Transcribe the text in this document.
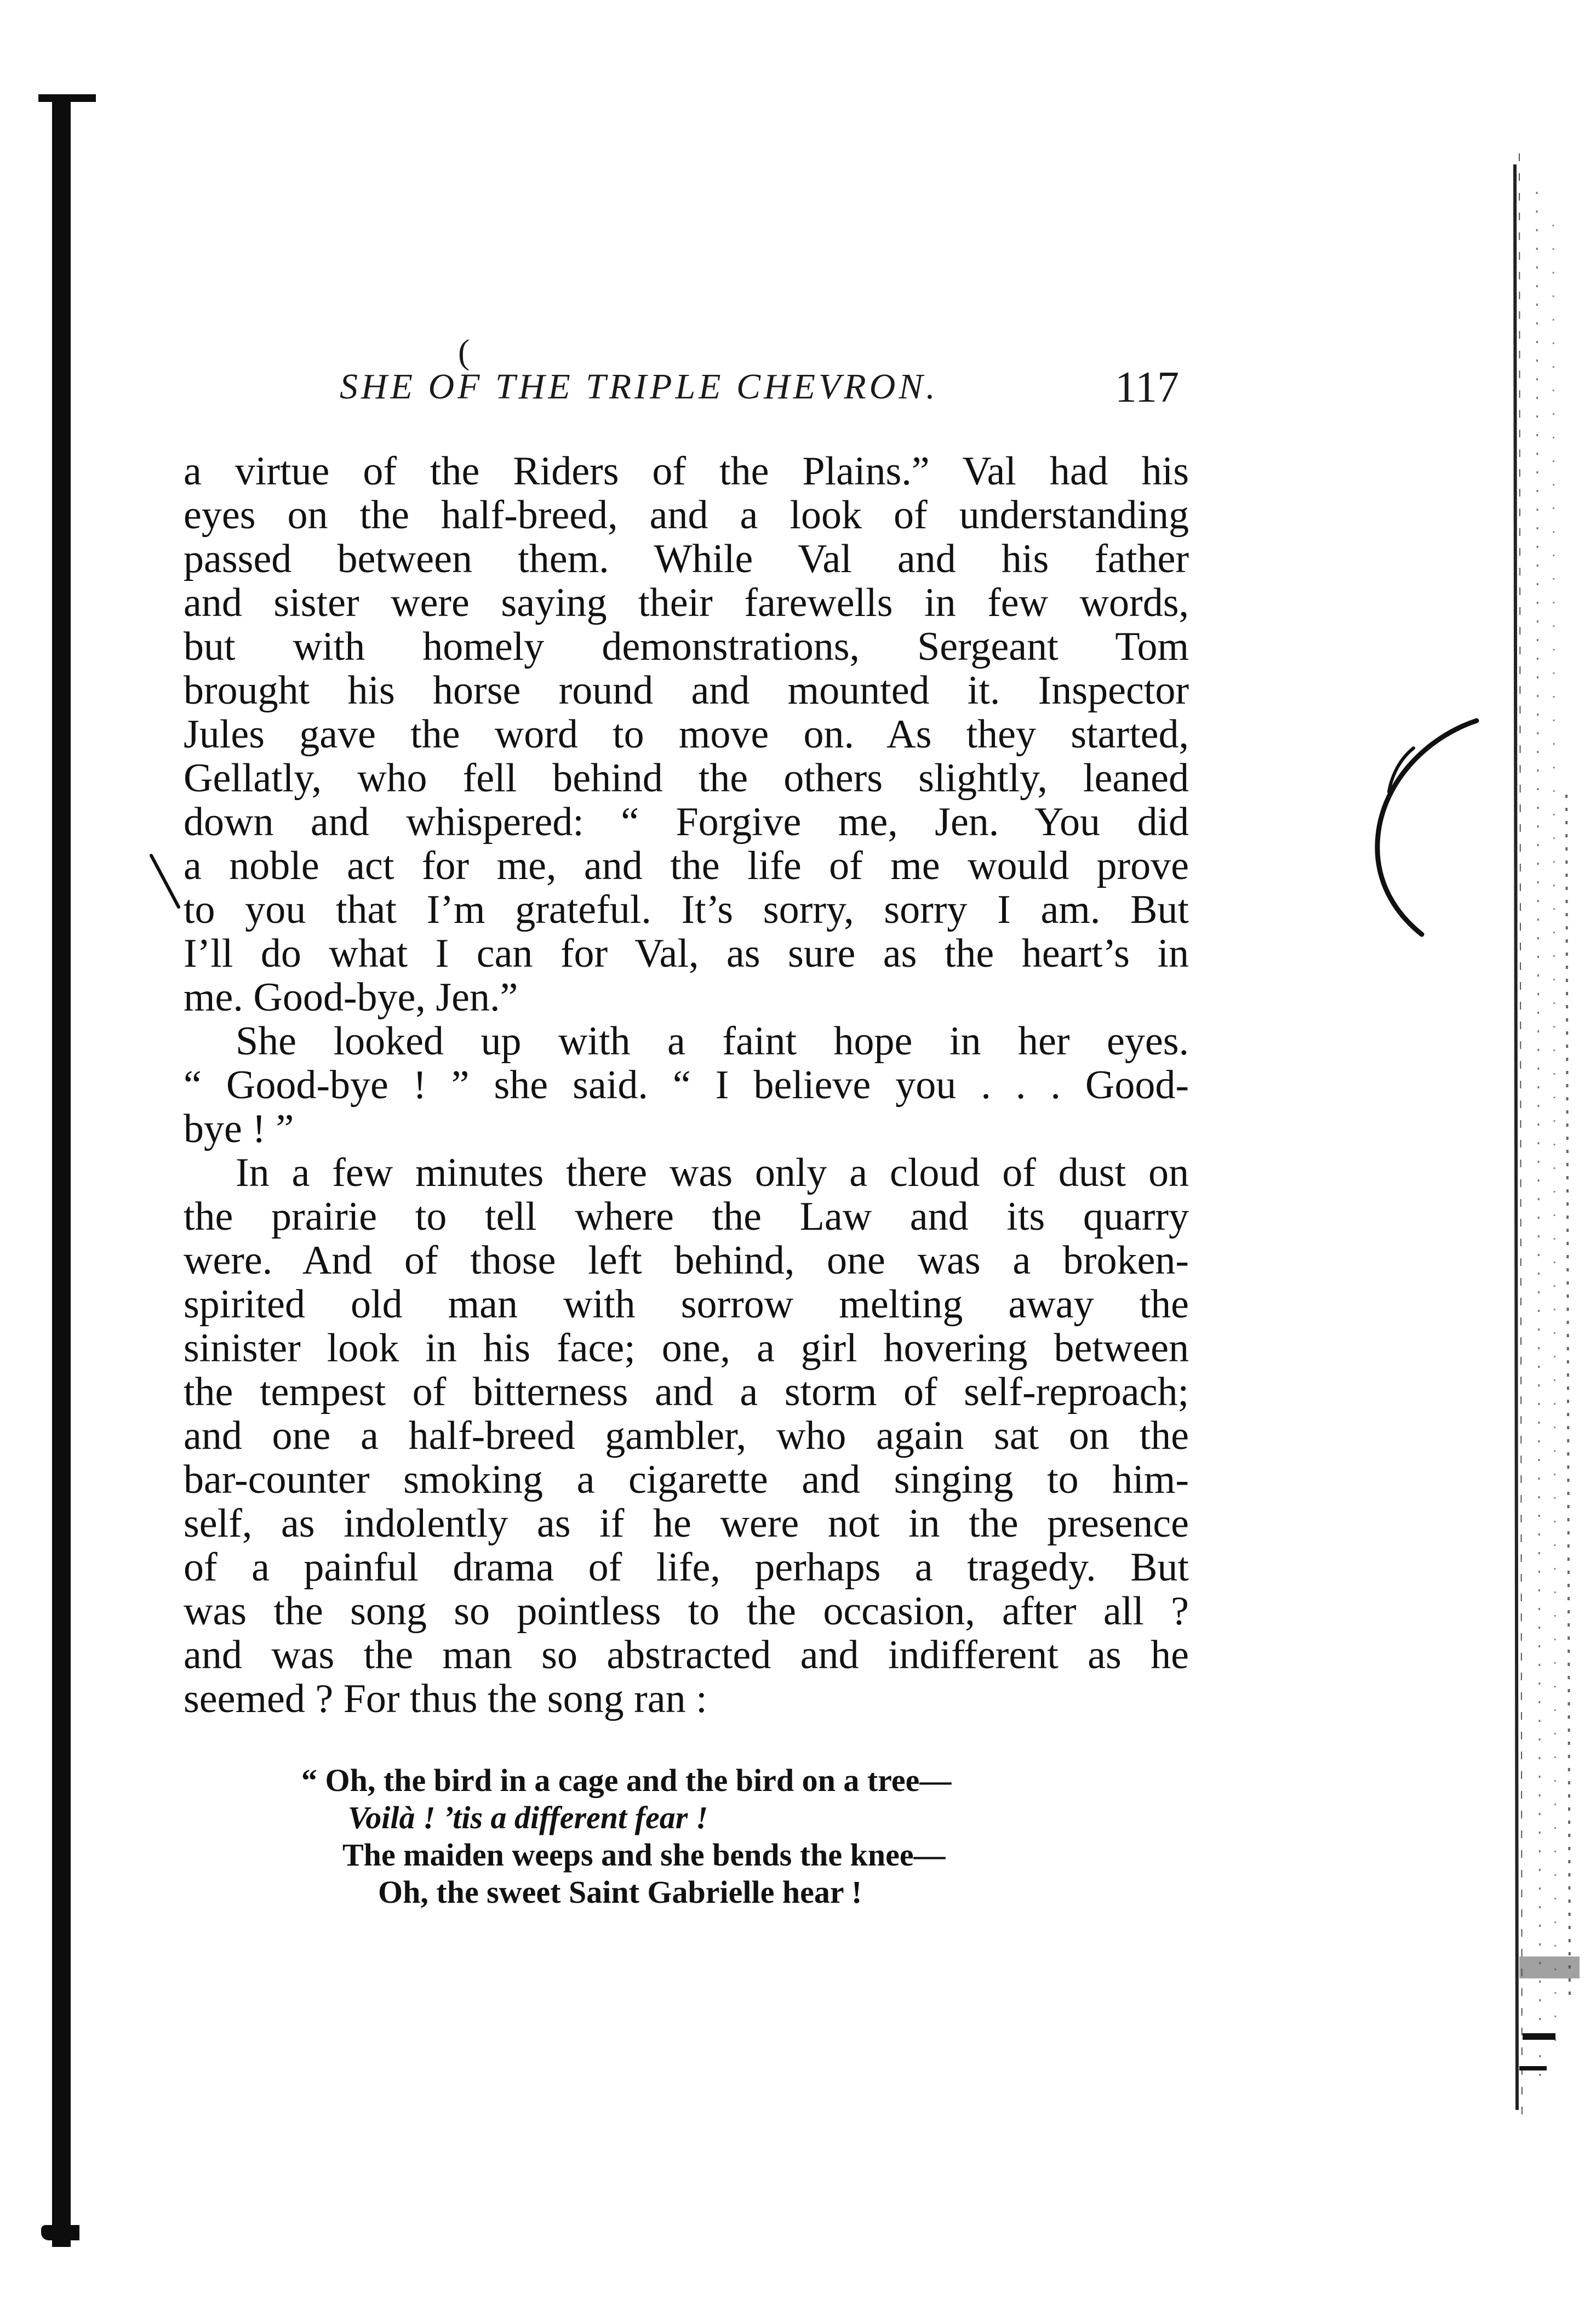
(
SHE OF THE TRIPLE CHEVRON.	117
a virtue of the Riders of the Plains.” Val had his
eyes on the half-breed, and a look of understanding
passed between them. While Val and his father
and sister were saying their farewells in few words,
but with homely demonstrations, Sergeant Tom
brought his horse round and mounted it. Inspector
Jules gave the word to move on. As they started,
Gellatly, who fell behind the others slightly, leaned
down and whispered: “ Forgive me, Jen. You did
a noble act for me, and the life of me would prove
to you that I’m grateful. It’s sorry, sorry I am. But
I’ll do what I can for Val, as sure as the heart’s in
me. Good-bye, Jen.”
She looked up with a faint hope in her eyes.
“ Good-bye ! ” she said. “ I believe you . . . Good-
bye ! ”
In a few minutes there was only a cloud of dust on
the prairie to tell where the Law and its quarry
were. And of those left behind, one was a broken-
spirited old man with sorrow melting away the
sinister look in his face; one, a girl hovering between
the tempest of bitterness and a storm of self-reproach;
and one a half-breed gambler, who again sat on the
bar-counter smoking a cigarette and singing to him-
self, as indolently as if he were not in the presence
of a painful drama of life, perhaps a tragedy. But
was the song so pointless to the occasion, after all ?
and was the man so abstracted and indifferent as he
seemed ? For thus the song ran :
“ Oh, the bird in a cage and the bird on a tree—
Voilà ! ’tis a different fear !
The maiden weeps and she bends the knee—
Oh, the sweet Saint Gabrielle hear !
